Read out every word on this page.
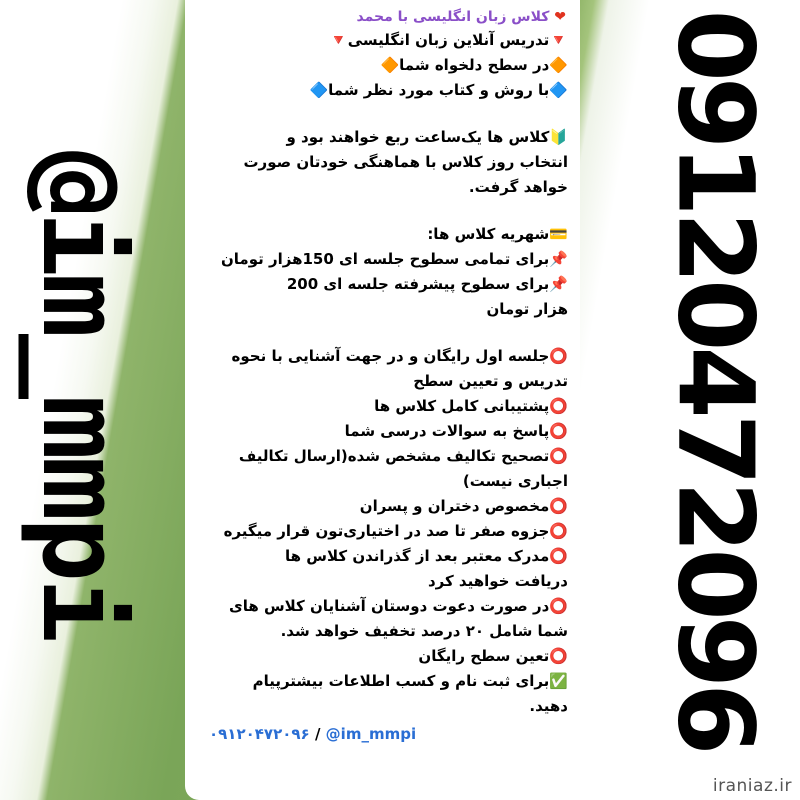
@im_mmpi	09120472096
❤ کلاس زبان انگلیسی با محمد
🔻تدریس آنلاین زبان انگلیسی🔻
🔶در سطح دلخواه شما🔶
🔷با روش و کتاب مورد نظر شما🔷
🔰کلاس ها یک‌ساعت ربع خواهند بود و
انتخاب روز کلاس با هماهنگی خودتان صورت
خواهد گرفت.
💳شهریه کلاس ها:
📌برای تمامی سطوح جلسه ای 150هزار تومان
📌برای سطوح پیشرفته جلسه ای 200
هزار تومان
⭕جلسه اول رایگان و در جهت آشنایی با نحوه
تدریس و تعیین سطح
⭕پشتیبانی کامل کلاس ها
⭕پاسخ به سوالات درسی شما
⭕تصحیح تکالیف مشخص شده(ارسال تکالیف
اجباری نیست)
⭕مخصوص دختران و پسران
⭕جزوه صفر تا صد در اختیاری‌تون قرار میگیره
⭕مدرک معتبر بعد از گذراندن کلاس ها
دریافت خواهید کرد
⭕در صورت دعوت دوستان آشنایان کلاس های
شما شامل ۲۰ درصد تخفیف خواهد شد.
⭕تعین سطح رایگان
✅برای ثبت نام و کسب اطلاعات بیشترپیام
دهید.
۰۹۱۲۰۴۷۲۰۹۶ / @im_mmpi
iraniaz.ir
